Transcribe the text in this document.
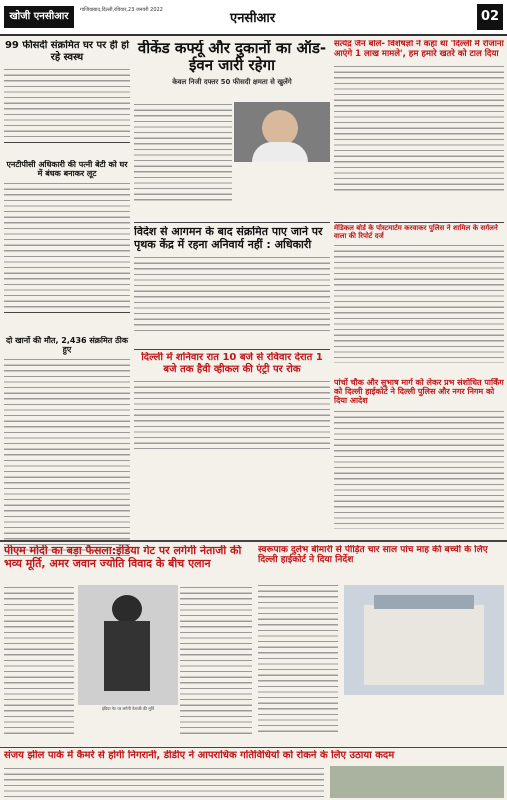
खोजी एनसीआर
गाजियाबाद,दिल्ली,रविवार,23 जनवरी 2022
एनसीआर	02
99 फीसदी संक्रमित घर पर ही हो रहे स्वस्थ
एनटीपीसी अधिकारी की पत्नी बेटी को घर में बंधक बनाकर लूट
दो खानों की मौत, 2,436 संक्रमित ठीक हुए
वीकेंड कर्फ्यू और दुकानों का ऑड-ईवन जारी रहेगा
केवल निजी दफ्तर 50 फीसदी क्षमता से खुलेंगे
सत्येंद्र जैन बोले- विशेषज्ञों ने कहा था 'दिल्ली में रोजाना आएंगे 1 लाख मामले', हम हमारे खतरे को टाल दिया
मेडिकल बोर्ड के पोस्टमार्टम करवाकर पुलिस ने शामिल के सर्गलने वाला की रिपोर्ट दर्ज
विदेश से आगमन के बाद संक्रमित पाए जाने पर पृथक केंद्र में रहना अनिवार्य नहीं : अधिकारी
दिल्ली में शनिवार रात 10 बजे से रविवार देरात 1 बजे तक हैवी व्हीकल की एंट्री पर रोक
पांचों चौक और सुभाष मार्ग को लेकर प्रभ संशोधित पार्किंग को दिल्ली हाईकोर्ट ने दिल्ली पुलिस और नगर निगम को दिया आदेश
पीएम मोदी का बड़ा फैसला:इंडिया गेट पर लगेगी नेताजी की भव्य मूर्ति, अमर जवान ज्योति विवाद के बीच एलान
इंडिया गेट पर लगेगी नेताजी की मूर्ति
स्वरूपाक दुर्लभ बीमारी से पीड़ित चार साल पांच माह की बच्ची के लिए दिल्ली हाईकोर्ट ने दिया निर्देश
संजय झील पार्क में कैमरे से होगी निगरानी, डीडीए ने आपराधिक गतिविधियों को रोकने के लिए उठाया कदम
